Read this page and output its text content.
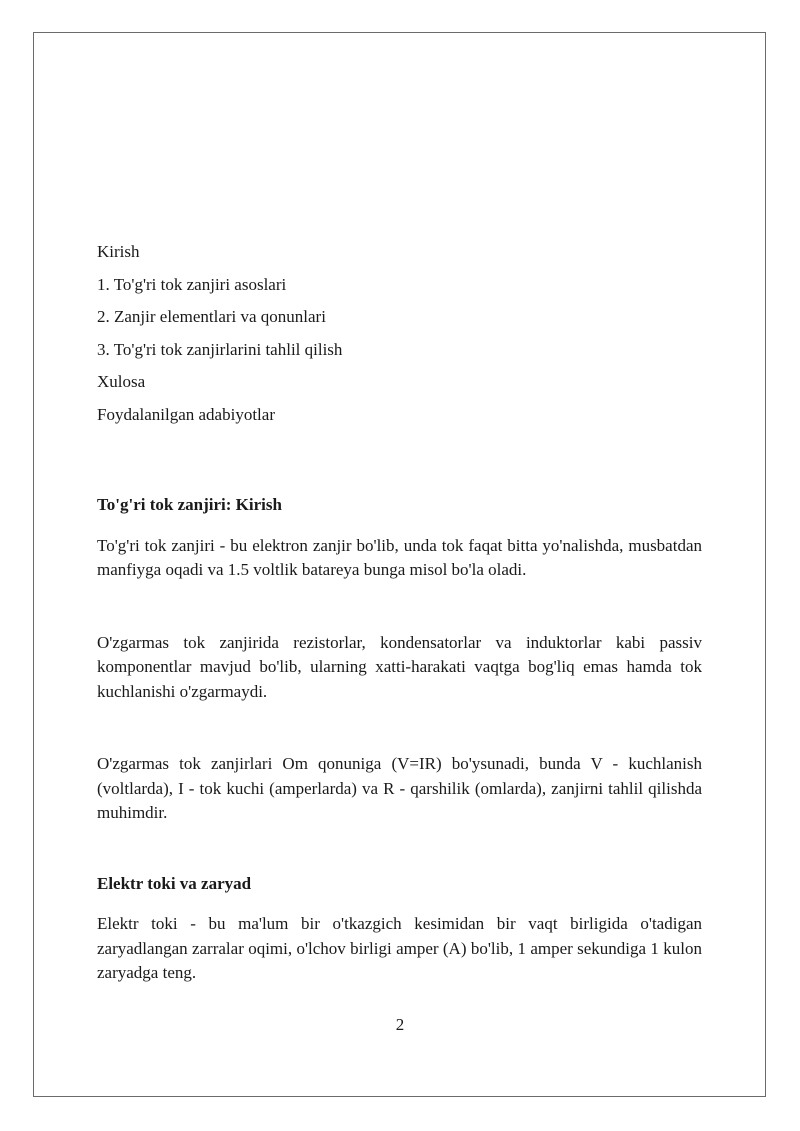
Kirish
1. To'g'ri tok zanjiri asoslari
2. Zanjir elementlari va qonunlari
3. To'g'ri tok zanjirlarini tahlil qilish
Xulosa
Foydalanilgan adabiyotlar
To'g'ri tok zanjiri: Kirish

To'g'ri tok zanjiri - bu elektron zanjir bo'lib, unda tok faqat bitta yo'nalishda, musbatdan manfiyga oqadi va 1.5 voltlik batareya bunga misol bo'la oladi.

O'zgarmas tok zanjirida rezistorlar, kondensatorlar va induktorlar kabi passiv komponentlar mavjud bo'lib, ularning xatti-harakati vaqtga bog'liq emas hamda tok kuchlanishi o'zgarmaydi.

O'zgarmas tok zanjirlari Om qonuniga (V=IR) bo'ysunadi, bunda V - kuchlanish (voltlarda), I - tok kuchi (amperlarda) va R - qarshilik (omlarda), zanjirni tahlil qilishda muhimdir.

Elektr toki va zaryad

Elektr toki - bu ma'lum bir o'tkazgich kesimidan bir vaqt birligida o'tadigan zaryadlangan zarralar oqimi, o'lchov birligi amper (A) bo'lib, 1 amper sekundiga 1 kulon zaryadga teng.

2
